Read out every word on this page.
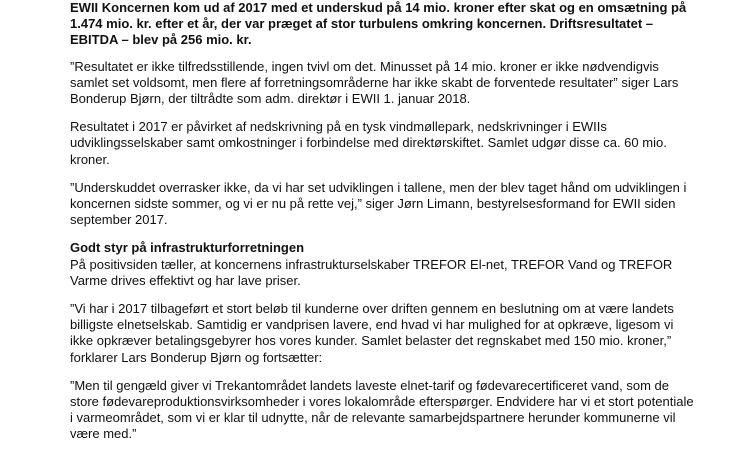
EWII Koncernen kom ud af 2017 med et underskud på 14 mio. kroner efter skat og en omsætning på 1.474 mio. kr. efter et år, der var præget af stor turbulens omkring koncernen. Driftsresultatet – EBITDA – blev på 256 mio. kr.

”Resultatet er ikke tilfredsstillende, ingen tvivl om det. Minusset på 14 mio. kroner er ikke nødvendigvis samlet set voldsomt, men flere af forretningsområderne har ikke skabt de forventede resultater” siger Lars Bonderup Bjørn, der tiltrådte som adm. direktør i EWII 1. januar 2018.

Resultatet i 2017 er påvirket af nedskrivning på en tysk vindmøllepark, nedskrivninger i EWIIs udviklingsselskaber samt omkostninger i forbindelse med direktørskiftet. Samlet udgør disse ca. 60 mio. kroner.

”Underskuddet overrasker ikke, da vi har set udviklingen i tallene, men der blev taget hånd om udviklingen i koncernen sidste sommer, og vi er nu på rette vej,” siger Jørn Limann, bestyrelsesformand for EWII siden september 2017.

Godt styr på infrastrukturforretningen

På positivsiden tæller, at koncernens infrastrukturselskaber TREFOR El-net, TREFOR Vand og TREFOR Varme drives effektivt og har lave priser.

”Vi har i 2017 tilbageført et stort beløb til kunderne over driften gennem en beslutning om at være landets billigste elnetselskab. Samtidig er vandprisen lavere, end hvad vi har mulighed for at opkræve, ligesom vi ikke opkræver betalingsgebyrer hos vores kunder. Samlet belaster det regnskabet med 150 mio. kroner,” forklarer Lars Bonderup Bjørn og fortsætter:

”Men til gengæld giver vi Trekantområdet landets laveste elnet-tarif og fødevarecertificeret vand, som de store fødevareproduktionsvirksomheder i vores lokalområde efterspørger. Endvidere har vi et stort potentiale i varmeområdet, som vi er klar til udnytte, når de relevante samarbejdspartnere herunder kommunerne vil være med.”
